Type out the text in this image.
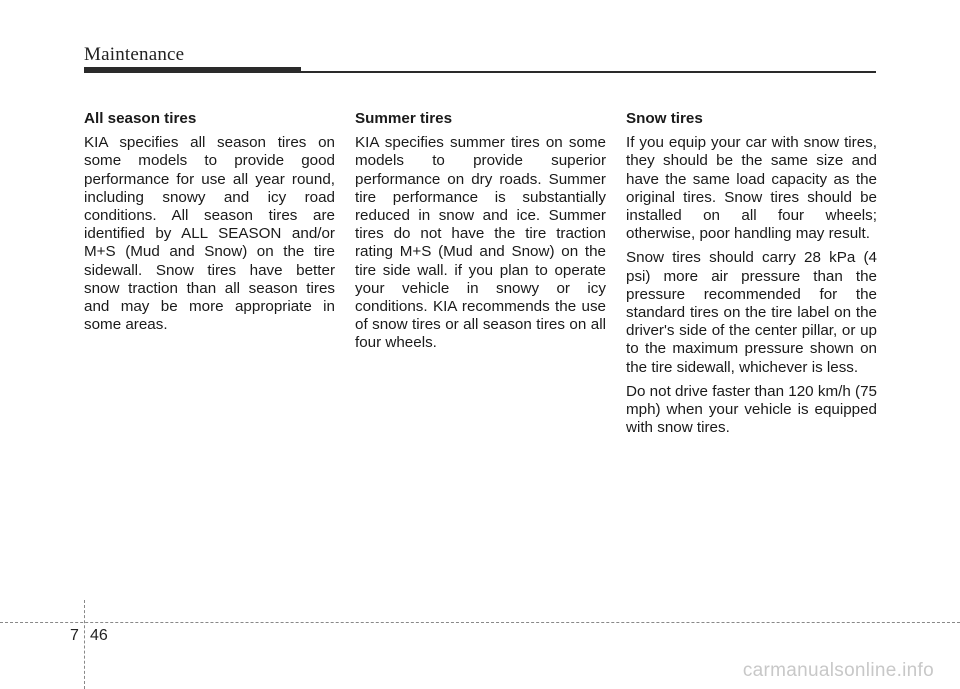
Maintenance

All season tires

KIA specifies all season tires on some models to provide good performance for use all year round, including snowy and icy road conditions. All season tires are identified by ALL SEASON and/or M+S (Mud and Snow) on the tire sidewall. Snow tires have better snow traction than all season tires and may be more appropriate in some areas.

Summer tires

KIA specifies summer tires on some models to provide superior performance on dry roads. Summer tire performance is substantially reduced in snow and ice. Summer tires do not have the tire traction rating M+S (Mud and Snow) on the tire side wall. if you plan to operate your vehicle in snowy or icy conditions. KIA recommends the use of snow tires or all season tires on all four wheels.

Snow tires

If you equip your car with snow tires, they should be the same size and have the same load capacity as the original tires. Snow tires should be installed on all four wheels; otherwise, poor handling may result.

Snow tires should carry 28 kPa (4 psi) more air pressure than the pressure recommended for the standard tires on the tire label on the driver's side of the center pillar, or up to the maximum pressure shown on the tire sidewall, whichever is less.

Do not drive faster than 120 km/h (75 mph) when your vehicle is equipped with snow tires.

7 46
carmanualsonline.info
